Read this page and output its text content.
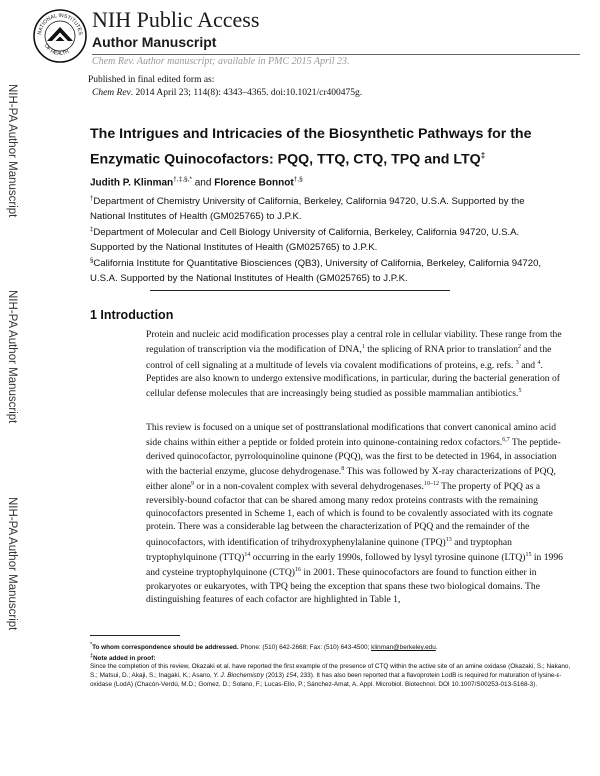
NATIONAL INSTITUTES
OF HEALTH
NIH Public Access
Author Manuscript
Chem Rev. Author manuscript; available in PMC 2015 April 23.
Published in final edited form as:
Chem Rev. 2014 April 23; 114(8): 4343–4365. doi:10.1021/cr400475g.
NIH-PA Author Manuscript
NIH-PA Author Manuscript
NIH-PA Author Manuscript
The Intrigues and Intricacies of the Biosynthetic Pathways for the Enzymatic Quinocofactors: PQQ, TTQ, CTQ, TPQ and LTQ‡
Judith P. Klinman†,‡,§,* and Florence Bonnot†,§
†Department of Chemistry University of California, Berkeley, California 94720, U.S.A. Supported by the National Institutes of Health (GM025765) to J.P.K.
‡Department of Molecular and Cell Biology University of California, Berkeley, California 94720, U.S.A. Supported by the National Institutes of Health (GM025765) to J.P.K.
§California Institute for Quantitative Biosciences (QB3), University of California, Berkeley, California 94720, U.S.A. Supported by the National Institutes of Health (GM025765) to J.P.K.
1 Introduction
Protein and nucleic acid modification processes play a central role in cellular viability. These range from the regulation of transcription via the modification of DNA,$^1$ the splicing of RNA prior to translation$^2$ and the control of cell signaling at a multitude of levels via covalent modifications of proteins, e.g. refs. $^3$ and $^4$. Peptides are also known to undergo extensive modifications, in particular, during the bacterial generation of cellular defense molecules that are increasingly being studied as possible mammalian antibiotics.$^5$
This review is focused on a unique set of posttranslational modifications that convert canonical amino acid side chains within either a peptide or folded protein into quinone-containing redox cofactors.$^{6,7}$ The peptide-derived quinocofactor, pyrroloquinoline quinone (PQQ), was the first to be detected in 1964, in association with the bacterial enzyme, glucose dehydrogenase.$^8$ This was followed by X-ray characterizations of PQQ, either alone$^9$ or in a non-covalent complex with several dehydrogenases.$^{10-12}$ The property of PQQ as a reversibly-bound cofactor that can be shared among many redox proteins contrasts with the remaining quinocofactors presented in Scheme 1, each of which is found to be covalently associated with its cognate protein. There was a considerable lag between the characterization of PQQ and the remainder of the quinocofactors, with identification of trihydroxyphenylalanine quinone (TPQ)$^{13}$ and tryptophan tryptophylquinone (TTQ)$^{14}$ occurring in the early 1990s, followed by lysyl tyrosine quinone (LTQ)$^{15}$ in 1996 and cysteine tryptophylquinone (CTQ)$^{16}$ in 2001. These quinocofactors are found to function either in prokaryotes or eukaryotes, with TPQ being the exception that spans these two biological domains. The distinguishing features of each cofactor are highlighted in Table 1,
*To whom correspondence should be addressed. Phone: (510) 642-2668; Fax: (510) 643-4500; klinman@berkeley.edu.
‡Note added in proof:
Since the completion of this review, Okazaki et al. have reported the first example of the presence of CTQ within the active site of an amine oxidase (Okazaki, S.; Nakano, S.; Matsui, D.; Akaji, S.; Inagaki, K.; Asano, Y. J. Biochemistry (2013) 154, 233). It has also been reported that a flavoprotein LodB is required for maturation of lysine-ε-oxidase (LodA) (Chacón-Verdú, M.D.; Gomez, D.; Solano, F.; Lucas-Elío, P.; Sánchez-Amat, A. Appl. Microbiol. Biotechnol. DOI 10.1007/S00253-013-5168-3).
